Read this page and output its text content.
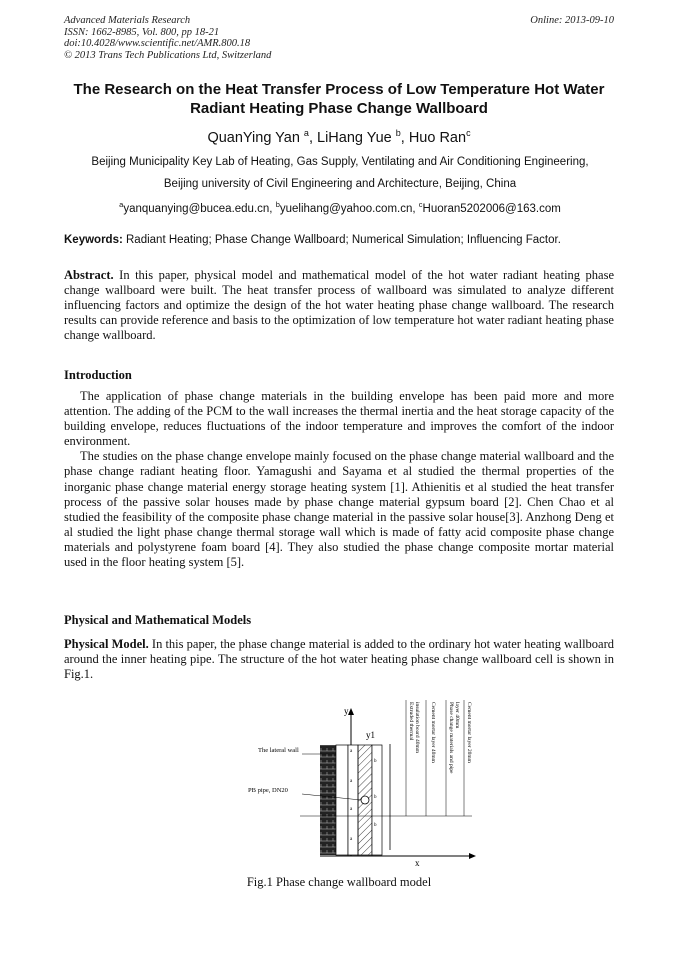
Advanced Materials Research
ISSN: 1662-8985, Vol. 800, pp 18-21
doi:10.4028/www.scientific.net/AMR.800.18
© 2013 Trans Tech Publications Ltd, Switzerland
Online: 2013-09-10
The Research on the Heat Transfer Process of Low Temperature Hot Water Radiant Heating Phase Change Wallboard
QuanYing Yan $^a$, LiHang Yue $^b$, Huo Ran$^c$
Beijing Municipality Key Lab of Heating, Gas Supply, Ventilating and Air Conditioning Engineering,
Beijing university of Civil Engineering and Architecture, Beijing, China
$^a$yanquanying@bucea.edu.cn, $^b$yuelihang@yahoo.com.cn, $^c$Huoran5202006@163.com
Keywords: Radiant Heating; Phase Change Wallboard; Numerical Simulation; Influencing Factor.

Abstract. In this paper, physical model and mathematical model of the hot water radiant heating phase change wallboard were built. The heat transfer process of wallboard was simulated to analyze different influencing factors and optimize the design of the hot water heating phase change wallboard. The research results can provide reference and basis to the optimization of low temperature hot water radiant heating phase change wallboard.

Introduction

The application of phase change materials in the building envelope has been paid more and more attention. The adding of the PCM to the wall increases the thermal inertia and the heat storage capacity of the building envelope, reduces fluctuations of the indoor temperature and improves the comfort of the indoor environment.

The studies on the phase change envelope mainly focused on the phase change material wallboard and the phase change radiant heating floor. Yamagushi and Sayama et al studied the thermal properties of the inorganic phase change material energy storage heating system [1]. Athienitis et al studied the heat transfer process of the passive solar houses made by phase change material gypsum board [2]. Chen Chao et al studied the feasibility of the composite phase change material in the passive solar house[3]. Anzhong Deng et al studied the light phase change thermal storage wall which is made of fatty acid composite phase change materials and polystyrene foam board [4]. They also studied the phase change composite mortar material used in the floor heating system [5].

Physical and Mathematical Models

Physical Model. In this paper, the phase change material is added to the ordinary hot water heating wallboard around the inner heating pipe. The structure of the hot water heating phase change wallboard cell is shown in Fig.1.

y
y1
x
a
a
a
a
b
b
b
The lateral wall
PB pipe, DN20
Extruded thermal insulation board 40mm Cement mortar layer 40mm Phase change materials and pipe layer 40mm Cement mortar layer 20mm
Fig.1 Phase change wallboard model
